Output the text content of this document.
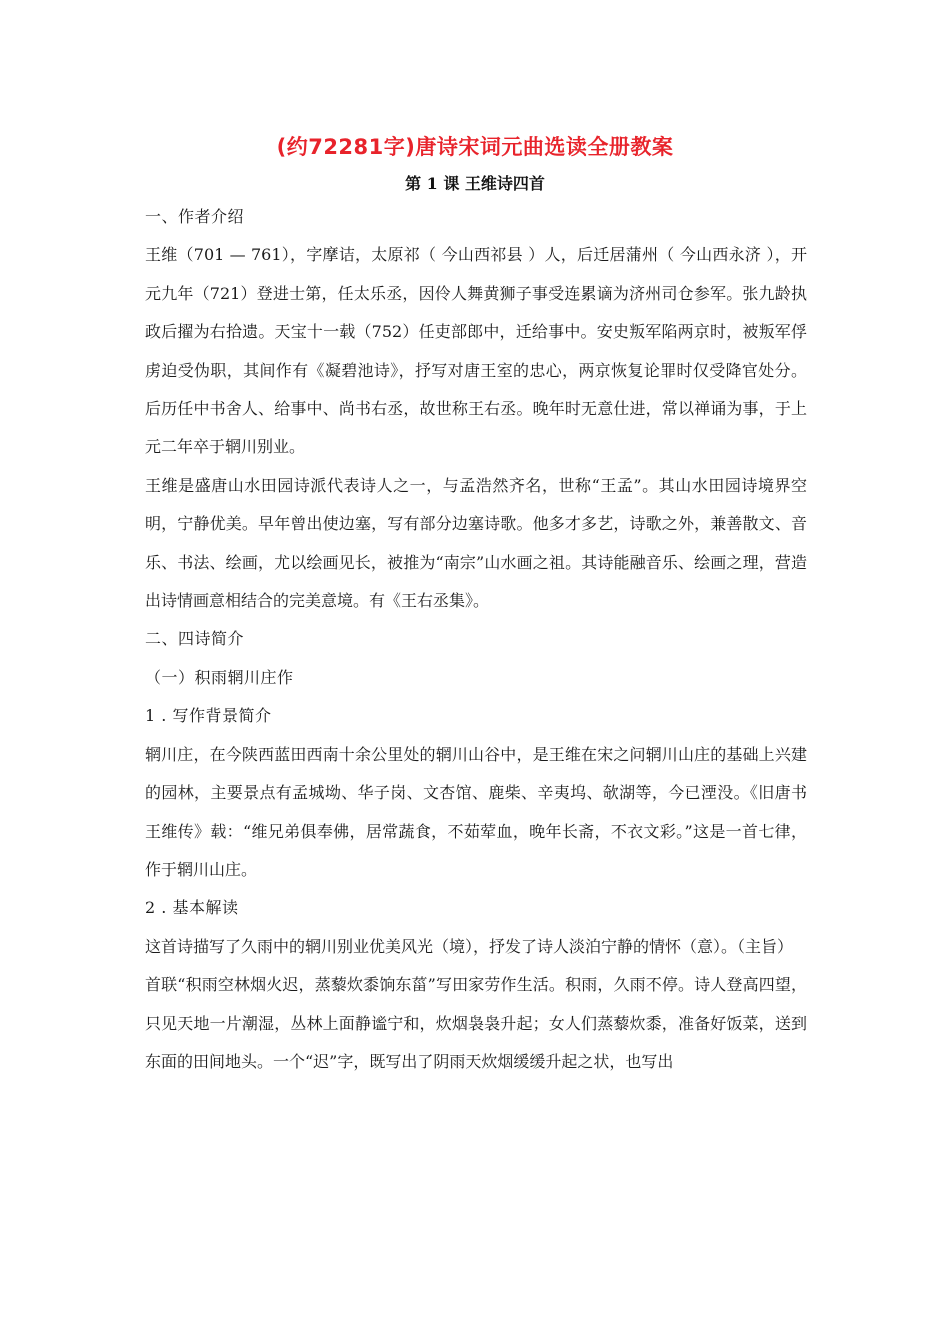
(约72281字)唐诗宋词元曲选读全册教案
第 1 课 王维诗四首

一、作者介绍

王维（701 — 761），字摩诘，太原祁（ 今山西祁县 ）人，后迁居蒲州（ 今山西永济 ），开元九年（721）登进士第，任太乐丞，因伶人舞黄狮子事受连累谪为济州司仓参军。张九龄执政后擢为右拾遗。天宝十一载（752）任吏部郎中，迁给事中。安史叛军陷两京时，被叛军俘虏迫受伪职，其间作有《凝碧池诗》，抒写对唐王室的忠心，两京恢复论罪时仅受降官处分。后历任中书舍人、给事中、尚书右丞，故世称王右丞。晚年时无意仕进，常以禅诵为事，于上元二年卒于辋川别业。

王维是盛唐山水田园诗派代表诗人之一，与孟浩然齐名，世称“王孟”。其山水田园诗境界空明，宁静优美。早年曾出使边塞，写有部分边塞诗歌。他多才多艺，诗歌之外，兼善散文、音乐、书法、绘画，尤以绘画见长，被推为“南宗”山水画之祖。其诗能融音乐、绘画之理，营造出诗情画意相结合的完美意境。有《王右丞集》。

二、四诗简介

（一）积雨辋川庄作

1 . 写作背景简介

辋川庄，在今陕西蓝田西南十余公里处的辋川山谷中，是王维在宋之问辋川山庄的基础上兴建的园林，主要景点有孟城坳、华子岗、文杏馆、鹿柴、辛夷坞、欹湖等，今已湮没。《旧唐书王维传》载：“维兄弟俱奉佛，居常蔬食，不茹荤血，晚年长斋，不衣文彩。”这是一首七律，作于辋川山庄。

2 . 基本解读

这首诗描写了久雨中的辋川别业优美风光（境），抒发了诗人淡泊宁静的情怀（意）。（主旨）

首联“积雨空林烟火迟，蒸藜炊黍饷东菑”写田家劳作生活。积雨，久雨不停。诗人登高四望，只见天地一片潮湿，丛林上面静谧宁和，炊烟袅袅升起；女人们蒸藜炊黍，准备好饭菜，送到东面的田间地头。一个“迟”字，既写出了阴雨天炊烟缓缓升起之状，也写出
